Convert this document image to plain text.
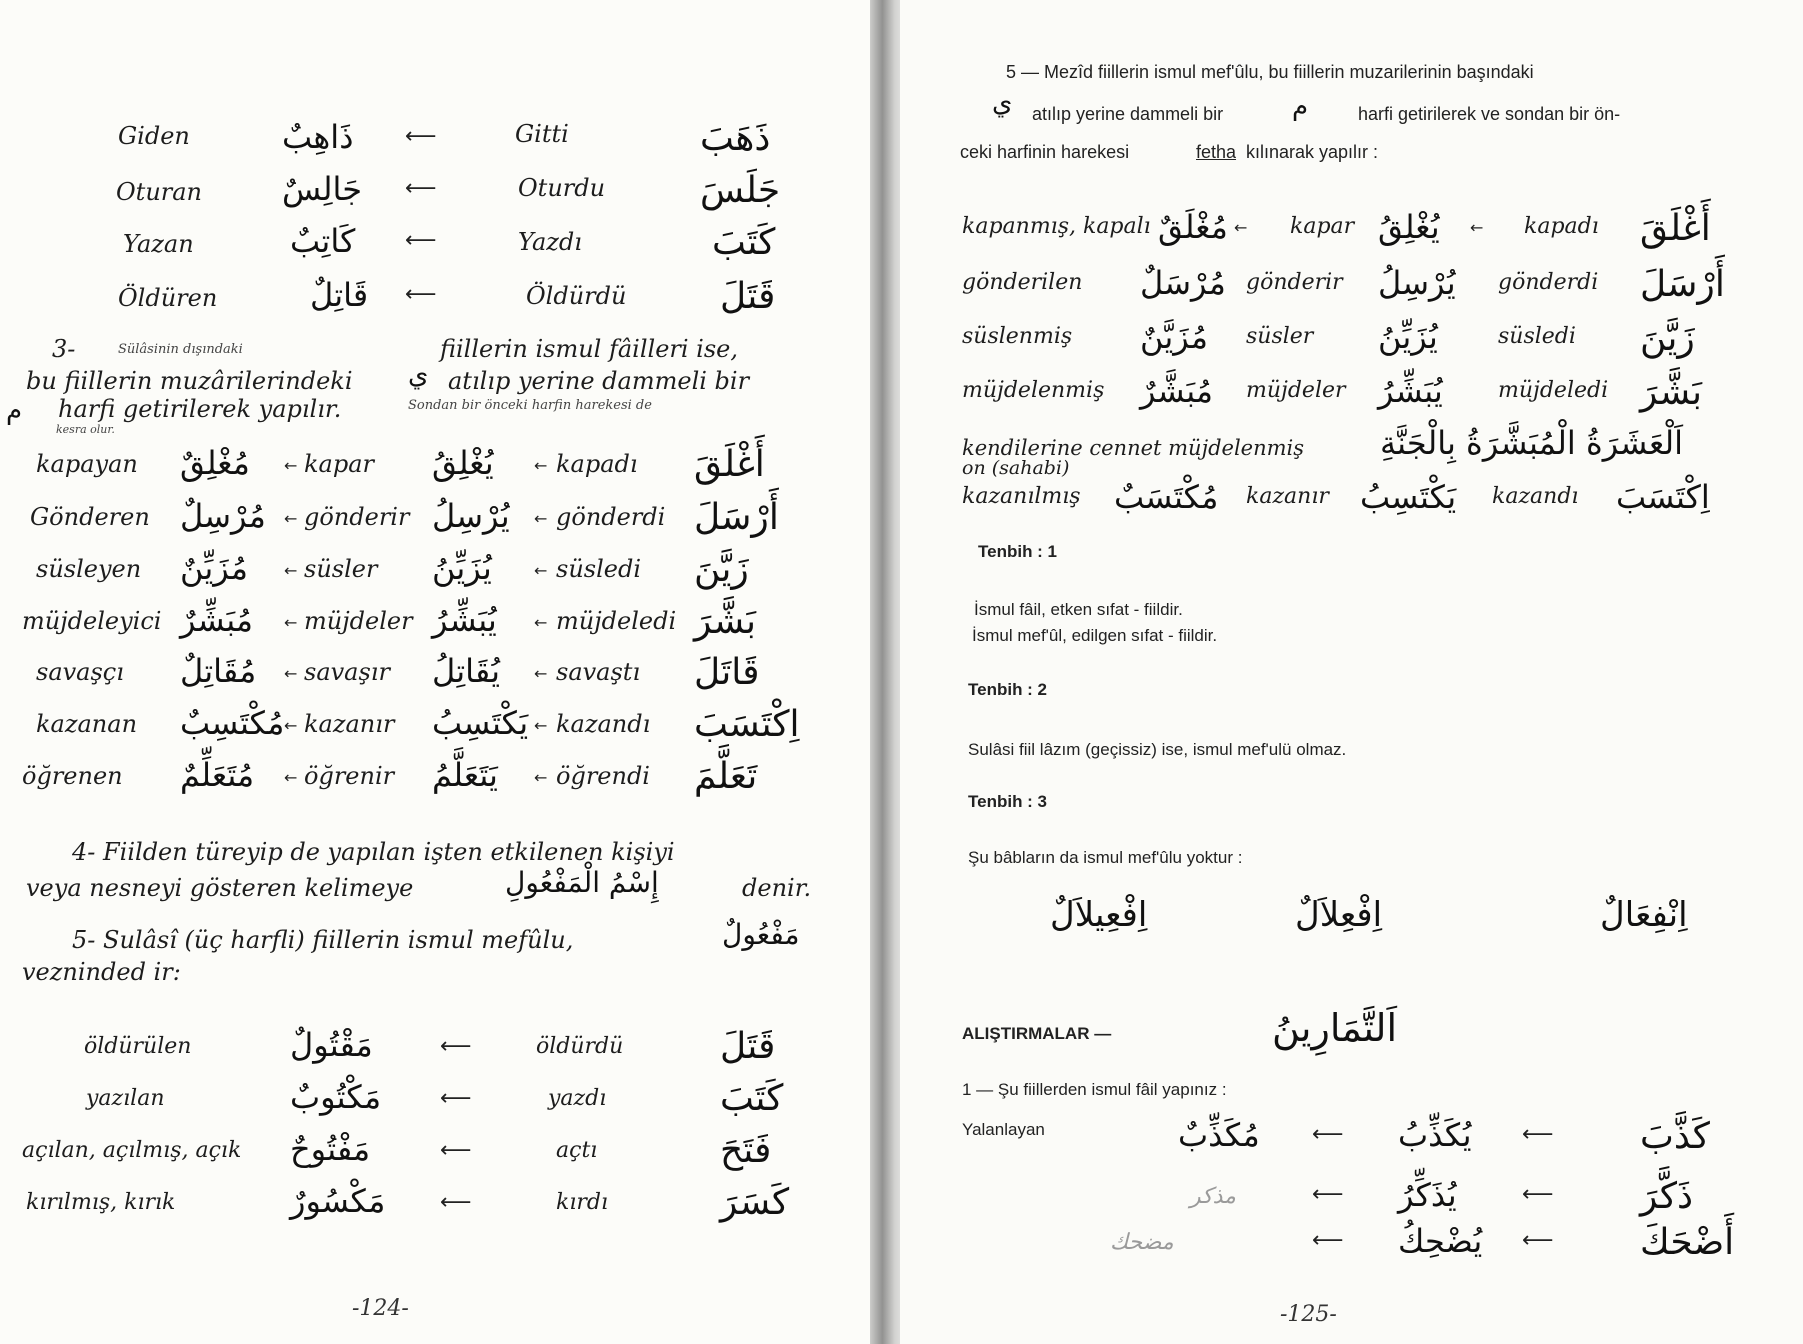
Giden	ذَاهِبٌ ⟵	Gitti	ذَهَبَ
Oturan جَالِسٌ ⟵	Oturdu	جَلَسَ
Yazan	كَاتِبٌ ⟵	Yazdı	كَتَبَ
Öldüren	قَاتِلٌ ⟵	Öldürdü	قَتَلَ
3-	Sülâsinin dışındaki	fiillerin ismul fâilleri ise,
bu fiillerin muzârilerindeki ي atılıp yerine dammeli bir
م harfi getirilerek yapılır.	Sondan bir önceki harfin harekesi de
kesra olur.
kapayan مُغْلِقٌ ← kapar يُغْلِقُ	← kapadı أَغْلَقَ
Gönderen مُرْسِلٌ ← gönderir يُرْسِلُ ← gönderdi أَرْسَلَ
süsleyen مُزَيِّنٌ ← süsler يُزَيِّنُ	← süsledi زَيَّنَ
müjdeleyici مُبَشِّرٌ ← müjdeler يُبَشِّرُ ← müjdeledi بَشَّرَ
savaşçı مُقَاتِلٌ ← savaşır يُقَاتِلُ ← savaştı قَاتَلَ
kazanan مُكْتَسِبٌ ← kazanır يَكْتَسِبُ ← kazandı اِكْتَسَبَ
öğrenen مُتَعَلِّمٌ ← öğrenir يَتَعَلَّمُ ← öğrendi تَعَلَّمَ
4- Fiilden türeyip de yapılan işten etkilenen kişiyi
veya nesneyi gösteren kelimeye	إِسْمُ الْمَفْعُولِ	denir.
5- Sulâsî (üç harfli) fiillerin ismul mefûlu,	مَفْعُولٌ
vezninded ir:
öldürülen	مَقْتُولٌ	⟵	öldürdü	قَتَلَ
yazılan	مَكْتُوبٌ	⟵	yazdı	كَتَبَ
açılan, açılmış, açık مَفْتُوحٌ	⟵	açtı	فَتَحَ
kırılmış, kırık	مَكْسُورٌ ⟵	kırdı	كَسَرَ
-124-
5 — Mezîd fiillerin ismul mef'ûlu, bu fiillerin muzarilerinin başındaki
ي atılıp yerine dammeli bir	م	harfi getirilerek ve sondan bir ön-
ceki harfinin harekesi	fetha kılınarak yapılır :
kapanmış, kapalı مُغْلَقٌ ← kapar يُغْلِقُ ← kapadı أَغْلَقَ
gönderilen مُرْسَلٌ gönderir يُرْسِلُ gönderdi أَرْسَلَ
süslenmiş مُزَيَّنٌ süsler يُزَيِّنُ	süsledi زَيَّنَ
müjdelenmiş مُبَشَّرٌ müjdeler يُبَشِّرُ	müjdeledi بَشَّرَ
kendilerine cennet müjdelenmiş
on (sahabi)
اَلْعَشَرَةُ الْمُبَشَّرَةُ بِالْجَنَّةِ
kazanılmış مُكْتَسَبٌ kazanır يَكْتَسِبُ kazandı اِكْتَسَبَ
Tenbih : 1
İsmul fâil, etken sıfat - fiildir.
İsmul mef'ûl, edilgen sıfat - fiildir.
Tenbih : 2
Sulâsi fiil lâzım (geçissiz) ise, ismul mef'ulü olmaz.
Tenbih : 3
Şu bâbların da ismul mef'ûlu yoktur :
اِفْعِيلاَلٌ	اِفْعِلاَلٌ	اِنْفِعَالٌ
ALIŞTIRMALAR —	اَلتَّمَارِينُ
1 — Şu fiillerden ismul fâil yapınız :
Yalanlayan	مُكَذِّبٌ ⟵ يُكَذِّبُ ⟵ كَذَّبَ
مذكر	⟵ يُذَكِّرُ	⟵ ذَكَّرَ
مضحك	⟵ يُضْحِكُ ⟵ أَضْحَكَ
-125-
